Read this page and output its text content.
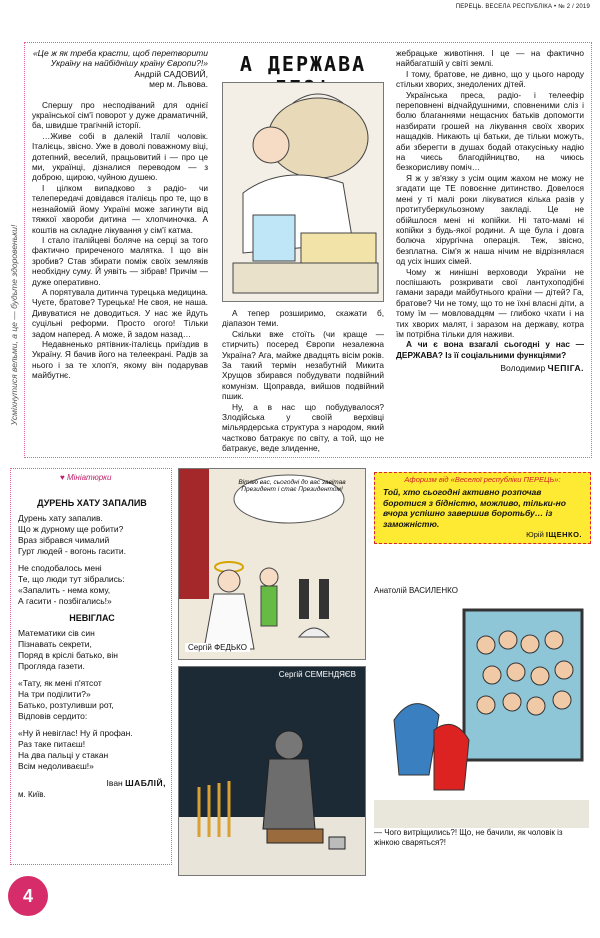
ПЕРЕЦЬ. ВЕСЕЛА РЕСПУБЛІКА • № 2 / 2019
Усміхнутися вельми, а це — будьте здоровеньки!
«Це ж як треба красти, щоб перетворити Україну на найбіднішу країну Європи?!»
Андрій САДОВИЙ,
мер м. Львова.

Спершу про несподіваний для однієї української сім'ї поворот у дуже драматичній, ба, швидше трагічній історії.

…Живе собі в далекій Італії чоловік. Італієць, звісно. Уже в доволі поважному віці, дотепний, веселий, працьовитий і — про це ми, українці, дізналися переводом — з доброю, щирою, чуйною душею.

І цілком випадково з радіо- чи телепередачі довідався італієць про те, що в незнайомій йому Україні може загинути від тяжкої хвороби дитина — хлопчиночка. А коштів на складне лікування у сім'ї катма.

І стало італійцеві боляче на серці за того фактично приреченого малятка. І що він зробив? Став збирати поміж своїх земляків необхідну суму. Й уявіть — зібрав! Причім — дуже оперативно.

А порятувала дитинча турецька медицина. Чуєте, братове? Турецька! Не своя, не наша. Дивуватися не доводиться. У нас же йдуть суцільні реформи. Просто огого! Тільки задом наперед. А може, й задом назад…

Недавненько рятівник-італієць приїздив в Україну. Я бачив його на телеекрані. Радів за нього і за те хлоп'я, якому він подарував майбутнє.

А ДЕРЖАВА

А тепер розширимо, скажати б, діапазон теми.

Скільки вже стоїть (чи краще — стирчить) посеред Європи незалежна Україна? Ага, майже двадцять вісім років. За такий термін незабутній Микита Хрущов збирався побудувати подвійний комунізм. Щоправда, вийшов подвійний пшик.

Ну, а в нас що побудувалося? Злодійська у своїй верхівці мільярдерська структура з народом, який частково батракує по світу, а той, що не батракує, веде злиденне,

жебрацьке животіння. І це — на фактично найбагатшій у світі землі.

І тому, братове, не дивно, що у цього народу стільки хворих, знедолених дітей.

Українська преса, радіо- і телеефір переповнені відчайдушними, сповненими сліз і болю благаннями нещасних батьків допомогти назбирати грошей на лікування своїх хворих нащадків. Никають ці батьки, де тільки можуть, аби зберегти в душах бодай отакусіньку надію на чиєсь благодійництво, на чиюсь безкорисливу поміч…

Я ж у зв'язку з усім оцим жахом не можу не згадати ще ТЕ повоєнне дитинство. Довелося мені у ті малі роки лікуватися кілька разів у протитуберкульозному закладі. Це не обійшлося мені ні копійки. Ні тато-мамі ні копійки з будь-якої родини. А ще була і довга болюча хірургічна операція. Теж, звісно, безплатна. Сім'я ж наша нічим не відрізнялася од усіх інших сімей.

Чому ж нинішні верховоди України не поспішають розкривати свої лантухоподібні гамани заради майбутнього країни — дітей? Га, братове? Чи не тому, що то не їхні власні діти, а тому їм — мовловадцям — глибоко чхати і на тих хворих малят, і заразом на державу, котра їм потрібна тільки для наживи.

А чи є вона взагалі сьогодні у нас — ДЕРЖАВА? Із її соціальними функціями?

Володимир ЧЕПІГА.
♥ Мініатюрки
ДУРЕНЬ ХАТУ ЗАПАЛИВ

Дурень хату запалив.
Що ж дурному ще робити?
Враз зібрався чималий
Гурт людей - вогонь гасити.

Не сподобалось мені
Те, що люди тут зібрались:
«Запалить - нема кому,
А гасити - позбігались!»

НЕВІГЛАС

Математики сів син
Пізнавать секрети,
Поряд в кріслі батько, він
Прогляда газети.

«Тату, як мені п'ятсот
На три поділити?»
Батько, розтуливши рот,
Відповів сердито:

«Ну й невіглас! Ну й профан.
Раз таке питаєш!
На два пальці у стакан
Всім недоливаєш!»

Іван ШАБЛІЙ,
м. Київ.
Вітаю вас, сьогодні до вас завітав Президент і стає Президентом!
Сергій ФЕДЬКО
Сергій СЕМЕНДЯЄВ
Афоризм від «Веселої республіки ПЕРЕЦЬ»:
Той, хто сьогодні активно розпочав боротися з бідністю, можливо, тільки-но вчора успішно завершив боротьбу… із заможністю.
Юрій ІЩЕНКО.
Анатолій ВАСИЛЕНКО
— Чого витріщились?! Що, не бачили, як чоловік із жінкою сваряться?!
4
